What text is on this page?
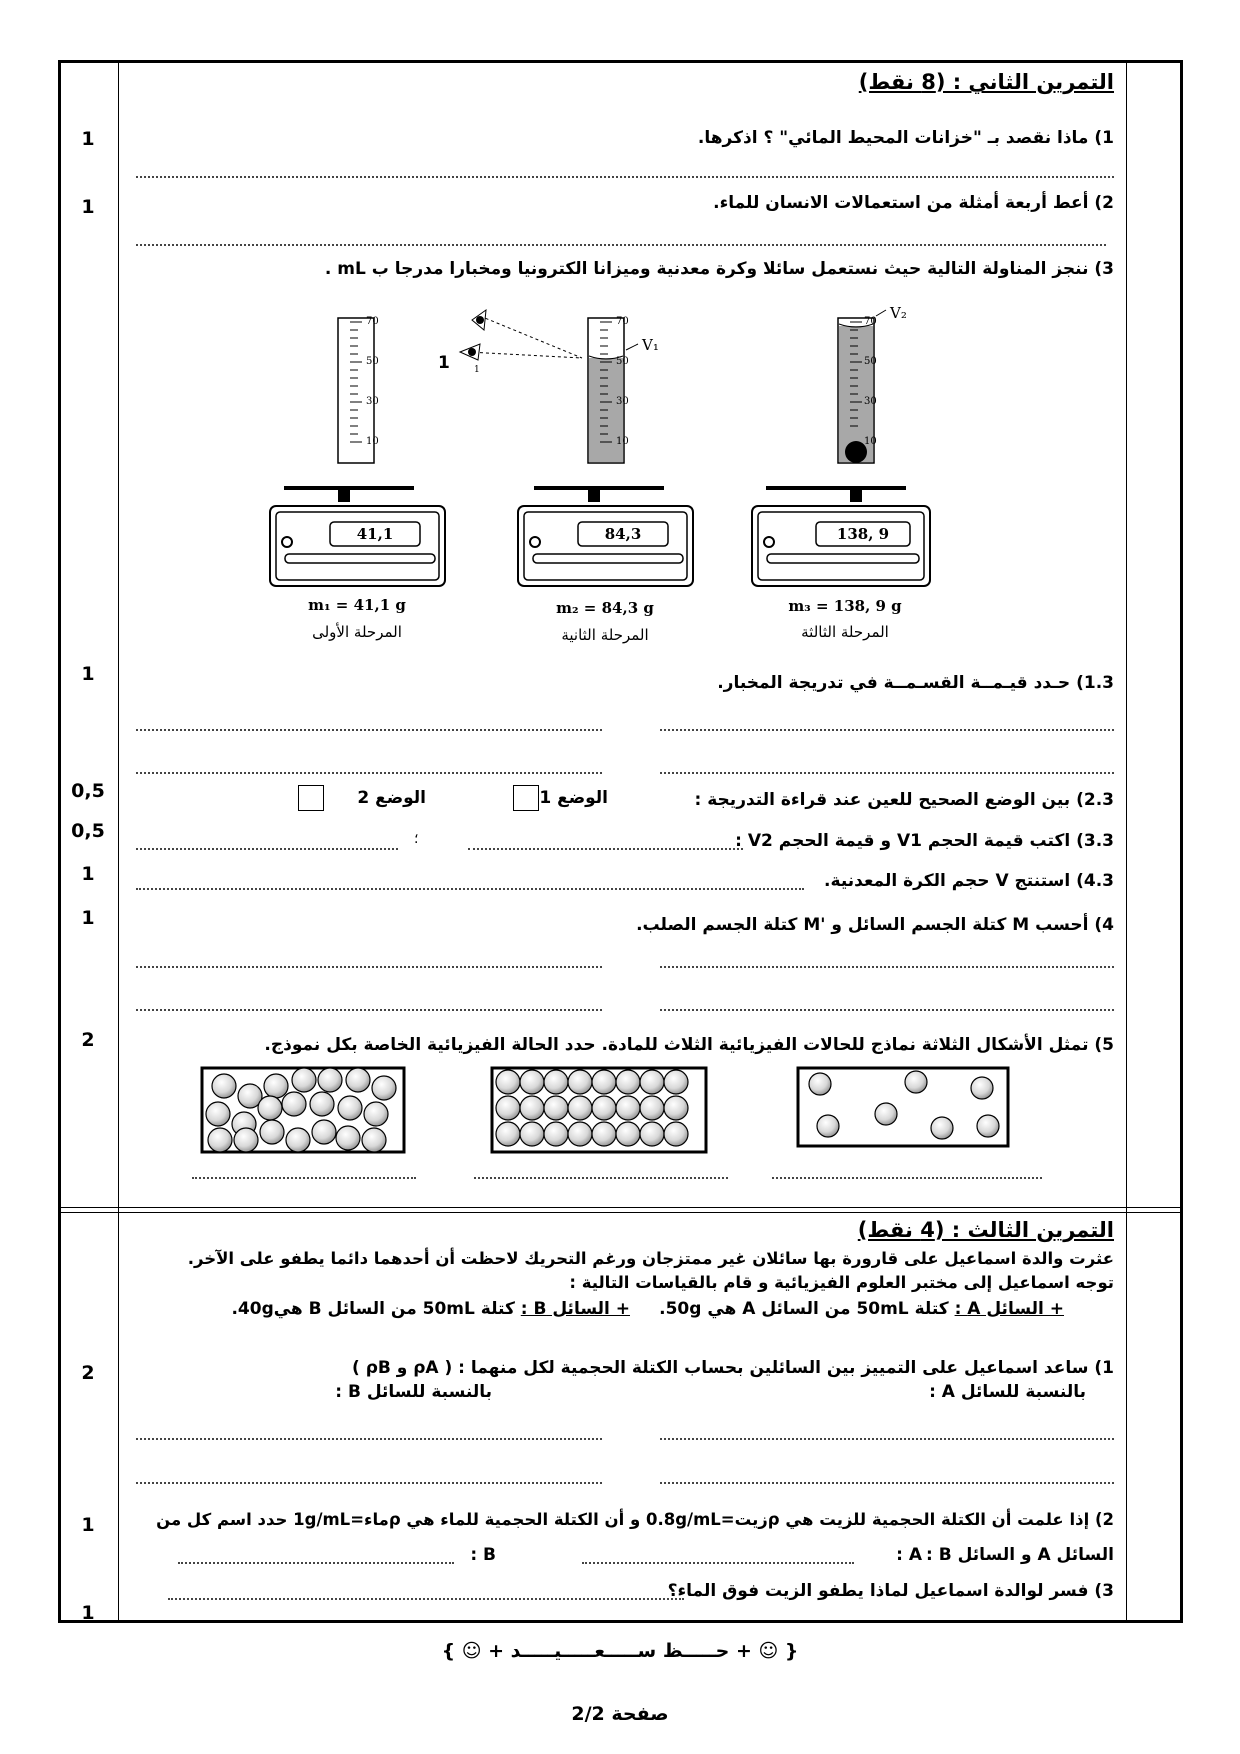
1
1
1
0,5
0,5
1
1
2
2
1
1
التمرين الثاني : (8 نقط)
1) ماذا نقصد بـ "خزانات المحيط المائي" ؟ اذكرها.
2) أعط أربعة أمثلة من استعمالات الانسان للماء.
3) ننجز المناولة التالية حيث نستعمل سائلا وكرة معدنية وميزانا الكترونيا ومخبارا مدرجا ب mL .
70
50
30
10
41,1
m₁ = 41,1 g
المرحلة الأولى
70
50
30
10
V₁
1
1
84,3
m₂ = 84,3 g
المرحلة الثانية
70
50
30
10
V₂
138, 9
m₃ = 138, 9 g
المرحلة الثالثة
1.3) حـدد قيـمــة القسـمــة في تدريجة المخبار.
2.3) بين الوضع الصحيح للعين عند قراءة التدريجة :
الوضع 1
الوضع 2
3.3) اكتب قيمة الحجم V1 و قيمة الحجم V2 :
؛
4.3) استنتج V حجم الكرة المعدنية.
4) أحسب M كتلة الجسم السائل و 'M كتلة الجسم الصلب.
5) تمثل الأشكال الثلاثة نماذج للحالات الفيزيائية الثلاث للمادة. حدد الحالة الفيزيائية الخاصة بكل نموذج.
التمرين الثالث : (4 نقط)
عثرت والدة اسماعيل على قارورة بها سائلان غير ممتزجان ورغم التحريك لاحظت أن أحدهما دائما يطفو على الآخر.
توجه اسماعيل إلى مختبر العلوم الفيزيائية و قام بالقياسات التالية :
+ السائل A : كتلة 50mL من السائل A هي 50g.
+ السائل B : كتلة 50mL من السائل B هي40g.
1) ساعد اسماعيل على التمييز بين السائلين بحساب الكتلة الحجمية لكل منهما : ( ρA و ρB )
بالنسبة للسائل A :
بالنسبة للسائل B :
2) إذا علمت أن الكتلة الحجمية للزيت هي ρزيت=0.8g/mL و أن الكتلة الحجمية للماء هي ρماء=1g/mL حدد اسم كل من
السائل A و السائل B :
A :
B :
3) فسر لوالدة اسماعيل لماذا يطفو الزيت فوق الماء؟
{ ☺ + حـــــظ ســـــعـــــيـــــد + ☺ }
صفحة 2/2
